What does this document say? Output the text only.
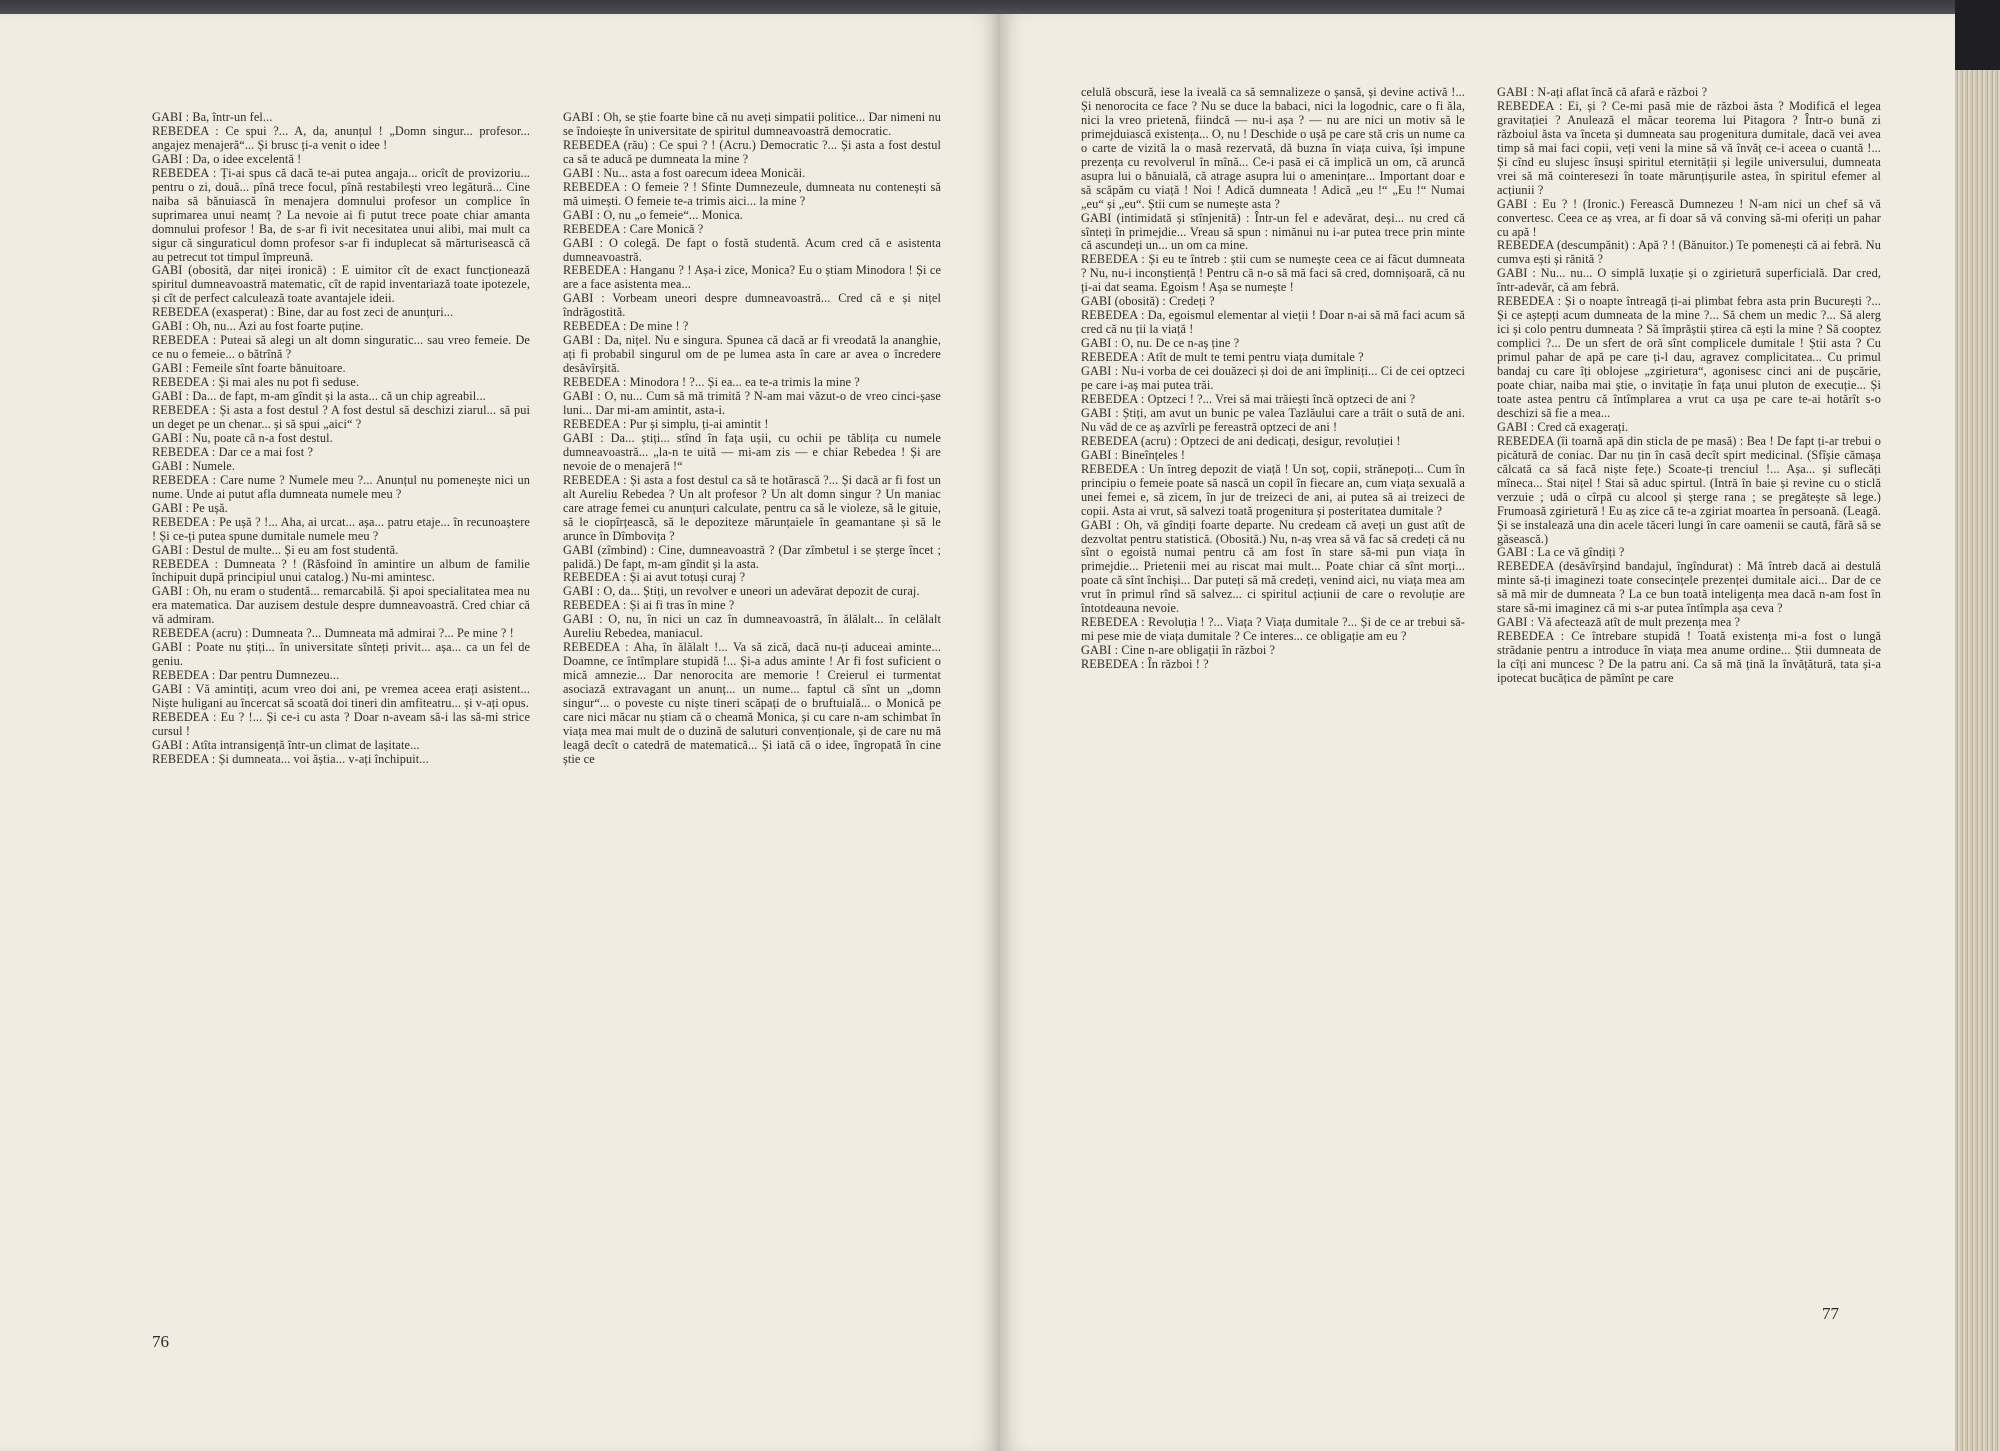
GABI : Ba, într-un fel...

REBEDEA : Ce spui ?... A, da, anunțul ! „Domn singur... profesor... angajez menajeră“... Și brusc ți-a venit o idee !

GABI : Da, o idee excelentă !

REBEDEA : Ți-ai spus că dacă te-ai putea angaja... oricît de provizoriu... pentru o zi, două... pînă trece focul, pînă restabilești vreo legătură... Cine naiba să bănuiască în menajera domnului profesor un complice în suprimarea unui neamț ? La nevoie ai fi putut trece poate chiar amanta domnului profesor ! Ba, de s-ar fi ivit necesitatea unui alibi, mai mult ca sigur că singuraticul domn profesor s-ar fi induplecat să mărturisească că au petrecut tot timpul împreună.

GABI (obosită, dar niței ironică) : E uimitor cît de exact funcționează spiritul dumneavoastră matematic, cît de rapid inventariază toate ipotezele, și cît de perfect calculează toate avantajele ideii.

REBEDEA (exasperat) : Bine, dar au fost zeci de anunțuri...

GABI : Oh, nu... Azi au fost foarte puține.

REBEDEA : Puteai să alegi un alt domn singuratic... sau vreo femeie. De ce nu o femeie... o bătrînă ?

GABI : Femeile sînt foarte bănuitoare.

REBEDEA : Și mai ales nu pot fi seduse.

GABI : Da... de fapt, m-am gîndit și la asta... că un chip agreabil...

REBEDEA : Și asta a fost destul ? A fost destul să deschizi ziarul... să pui un deget pe un chenar... și să spui „aici“ ?

GABI : Nu, poate că n-a fost destul.

REBEDEA : Dar ce a mai fost ?

GABI : Numele.

REBEDEA : Care nume ? Numele meu ?... Anunțul nu pomenește nici un nume. Unde ai putut afla dumneata numele meu ?

GABI : Pe ușă.

REBEDEA : Pe ușă ? !... Aha, ai urcat... așa... patru etaje... în recunoaștere ! Și ce-ți putea spune dumitale numele meu ?

GABI : Destul de multe... Și eu am fost studentă.

REBEDEA : Dumneata ? ! (Răsfoind în amintire un album de familie închipuit după principiul unui catalog.) Nu-mi amintesc.

GABI : Oh, nu eram o studentă... remarcabilă. Și apoi specialitatea mea nu era matematica. Dar auzisem destule despre dumneavoastră. Cred chiar că vă admiram.

REBEDEA (acru) : Dumneata ?... Dumneata mă admirai ?... Pe mine ? !

GABI : Poate nu știți... în universitate sînteți privit... așa... ca un fel de geniu.

REBEDEA : Dar pentru Dumnezeu...

GABI : Vă amintiți, acum vreo doi ani, pe vremea aceea erați asistent... Niște huligani au încercat să scoată doi tineri din amfiteatru... și v-ați opus.

REBEDEA : Eu ? !... Și ce-i cu asta ? Doar n-aveam să-i las să-mi strice cursul !

GABI : Atîta intransigență într-un climat de lașitate...

REBEDEA : Și dumneata... voi ăștia... v-ați închipuit...

GABI : Oh, se știe foarte bine că nu aveți simpatii politice... Dar nimeni nu se îndoiește în universitate de spiritul dumneavoastră democratic.

REBEDEA (rău) : Ce spui ? ! (Acru.) Democratic ?... Și asta a fost destul ca să te aducă pe dumneata la mine ?

GABI : Nu... asta a fost oarecum ideea Monicăi.

REBEDEA : O femeie ? ! Sfinte Dumnezeule, dumneata nu contenești să mă uimești. O femeie te-a trimis aici... la mine ?

GABI : O, nu „o femeie“... Monica.

REBEDEA : Care Monică ?

GABI : O colegă. De fapt o fostă studentă. Acum cred că e asistenta dumneavoastră.

REBEDEA : Hanganu ? ! Așa-i zice, Monica? Eu o știam Minodora ! Și ce are a face asistenta mea...

GABI : Vorbeam uneori despre dumneavoastră... Cred că e și nițel îndrăgostită.

REBEDEA : De mine ! ?

GABI : Da, nițel. Nu e singura. Spunea că dacă ar fi vreodată la ananghie, ați fi probabil singurul om de pe lumea asta în care ar avea o încredere desăvîrșită.

REBEDEA : Minodora ! ?... Și ea... ea te-a trimis la mine ?

GABI : O, nu... Cum să mă trimită ? N-am mai văzut-o de vreo cinci-șase luni... Dar mi-am amintit, asta-i.

REBEDEA : Pur și simplu, ți-ai amintit !

GABI : Da... știți... stînd în fața ușii, cu ochii pe tăblița cu numele dumneavoastră... „la-n te uită — mi-am zis — e chiar Rebedea ! Și are nevoie de o menajeră !“

REBEDEA : Și asta a fost destul ca să te hotărască ?... Și dacă ar fi fost un alt Aureliu Rebedea ? Un alt profesor ? Un alt domn singur ? Un maniac care atrage femei cu anunțuri calculate, pentru ca să le violeze, să le gituie, să le ciopîrțească, să le depoziteze mărunțaiele în geamantane și să le arunce în Dîmbovița ?

GABI (zîmbind) : Cine, dumneavoastră ? (Dar zîmbetul i se șterge încet ; palidă.) De fapt, m-am gîndit și la asta.

REBEDEA : Și ai avut totuși curaj ?

GABI : O, da... Știți, un revolver e uneori un adevărat depozit de curaj.

REBEDEA : Și ai fi tras în mine ?

GABI : O, nu, în nici un caz în dumneavoastră, în ălălalt... în celălalt Aureliu Rebedea, maniacul.

REBEDEA : Aha, în ălălalt !... Va să zică, dacă nu-ți aduceai aminte... Doamne, ce întîmplare stupidă !... Și-a adus aminte ! Ar fi fost suficient o mică amnezie... Dar nenorocita are memorie ! Creierul ei turmentat asociază extravagant un anunț... un nume... faptul că sînt un „domn singur“... o poveste cu niște tineri scăpați de o bruftuială... o Monică pe care nici măcar nu știam că o cheamă Monica, și cu care n-am schimbat în viața mea mai mult de o duzină de saluturi convenționale, și de care nu mă leagă decît o catedră de matematică... Și iată că o idee, îngropată în cine știe ce

celulă obscură, iese la iveală ca să semnalizeze o șansă, și devine activă !... Și nenorocita ce face ? Nu se duce la babaci, nici la logodnic, care o fi ăla, nici la vreo prietenă, fiindcă — nu-i așa ? — nu are nici un motiv să le primejduiască existența... O, nu ! Deschide o ușă pe care stă cris un nume ca o carte de vizită la o masă rezervată, dă buzna în viața cuiva, își impune prezența cu revolverul în mînă... Ce-i pasă ei că implică un om, că aruncă asupra lui o bănuială, că atrage asupra lui o amenințare... Important doar e să scăpăm cu viață ! Noi ! Adică dumneata ! Adică „eu !“ „Eu !“ Numai „eu“ și „eu“. Știi cum se numește asta ?

GABI (intimidată și stînjenită) : Într-un fel e adevărat, deși... nu cred că sînteți în primejdie... Vreau să spun : nimănui nu i-ar putea trece prin minte că ascundeți un... un om ca mine.

REBEDEA : Și eu te întreb : știi cum se numește ceea ce ai făcut dumneata ? Nu, nu-i inconștiență ! Pentru că n-o să mă faci să cred, domnișoară, că nu ți-ai dat seama. Egoism ! Așa se numește !

GABI (obosită) : Credeți ?

REBEDEA : Da, egoismul elementar al vieții ! Doar n-ai să mă faci acum să cred că nu ții la viață !

GABI : O, nu. De ce n-aș ține ?

REBEDEA : Atît de mult te temi pentru viața dumitale ?

GABI : Nu-i vorba de cei douăzeci și doi de ani împliniți... Ci de cei optzeci pe care i-aș mai putea trăi.

REBEDEA : Optzeci ! ?... Vrei să mai trăiești încă optzeci de ani ?

GABI : Știți, am avut un bunic pe valea Tazlăului care a trăit o sută de ani. Nu văd de ce aș azvîrli pe fereastră optzeci de ani !

REBEDEA (acru) : Optzeci de ani dedicați, desigur, revoluției !

GABI : Bineînțeles !

REBEDEA : Un întreg depozit de viață ! Un soț, copii, strănepoți... Cum în principiu o femeie poate să nască un copil în fiecare an, cum viața sexuală a unei femei e, să zicem, în jur de treizeci de ani, ai putea să ai treizeci de copii. Asta ai vrut, să salvezi toată progenitura și posteritatea dumitale ?

GABI : Oh, vă gîndiți foarte departe. Nu credeam că aveți un gust atît de dezvoltat pentru statistică. (Obosită.) Nu, n-aș vrea să vă fac să credeți că nu sînt o egoistă numai pentru că am fost în stare să-mi pun viața în primejdie... Prietenii mei au riscat mai mult... Poate chiar că sînt morți... poate că sînt închiși... Dar puteți să mă credeți, venind aici, nu viața mea am vrut în primul rînd să salvez... ci spiritul acțiunii de care o revoluție are întotdeauna nevoie.

REBEDEA : Revoluția ! ?... Viața ? Viața dumitale ?... Și de ce ar trebui să-mi pese mie de viața dumitale ? Ce interes... ce obligație am eu ?

GABI : Cine n-are obligații în război ?

REBEDEA : În război ! ?

GABI : N-ați aflat încă că afară e război ?

REBEDEA : Ei, și ? Ce-mi pasă mie de război ăsta ? Modifică el legea gravitației ? Anulează el măcar teorema lui Pitagora ? Într-o bună zi războiul ăsta va înceta și dumneata sau progenitura dumitale, dacă vei avea timp să mai faci copii, veți veni la mine să vă învăț ce-i aceea o cuantă !... Și cînd eu slujesc însuși spiritul eternității și legile universului, dumneata vrei să mă cointeresezi în toate mărunțișurile astea, în spiritul efemer al acțiunii ?

GABI : Eu ? ! (Ironic.) Ferească Dumnezeu ! N-am nici un chef să vă convertesc. Ceea ce aș vrea, ar fi doar să vă conving să-mi oferiți un pahar cu apă !

REBEDEA (descumpănit) : Apă ? ! (Bănuitor.) Te pomenești că ai febră. Nu cumva ești și rănită ?

GABI : Nu... nu... O simplă luxație și o zgirietură superficială. Dar cred, într-adevăr, că am febră.

REBEDEA : Și o noapte întreagă ți-ai plimbat febra asta prin București ?... Și ce aștepți acum dumneata de la mine ?... Să chem un medic ?... Să alerg ici și colo pentru dumneata ? Să împrăștii știrea că ești la mine ? Să cooptez complici ?... De un sfert de oră sînt complicele dumitale ! Știi asta ? Cu primul pahar de apă pe care ți-l dau, agravez complicitatea... Cu primul bandaj cu care îți oblojese „zgirietura“, agonisesc cinci ani de pușcărie, poate chiar, naiba mai știe, o invitație în fața unui pluton de execuție... Și toate astea pentru că întîmplarea a vrut ca ușa pe care te-ai hotărît s-o deschizi să fie a mea...

GABI : Cred că exagerați.

REBEDEA (îi toarnă apă din sticla de pe masă) : Bea ! De fapt ți-ar trebui o picătură de coniac. Dar nu țin în casă decît spirt medicinal. (Sfîșie cămașa călcată ca să facă niște fețe.) Scoate-ți trenciul !... Așa... și suflecăți mîneca... Stai nițel ! Stai să aduc spirtul. (Intră în baie și revine cu o sticlă verzuie ; udă o cîrpă cu alcool și șterge rana ; se pregătește să lege.) Frumoasă zgirietură ! Eu aș zice că te-a zgiriat moartea în persoană. (Leagă. Și se instalează una din acele tăceri lungi în care oamenii se caută, fără să se găsească.)

GABI : La ce vă gîndiți ?

REBEDEA (desăvîrșind bandajul, îngîndurat) : Mă întreb dacă ai destulă minte să-ți imaginezi toate consecințele prezenței dumitale aici... Dar de ce să mă mir de dumneata ? La ce bun toată inteligența mea dacă n-am fost în stare să-mi imaginez că mi s-ar putea întîmpla așa ceva ?

GABI : Vă afectează atît de mult prezența mea ?

REBEDEA : Ce întrebare stupidă ! Toată existența mi-a fost o lungă strădanie pentru a introduce în viața mea anume ordine... Știi dumneata de la cîți ani muncesc ? De la patru ani. Ca să mă țină la învățătură, tata și-a ipotecat bucățica de pămînt pe care

76
77
